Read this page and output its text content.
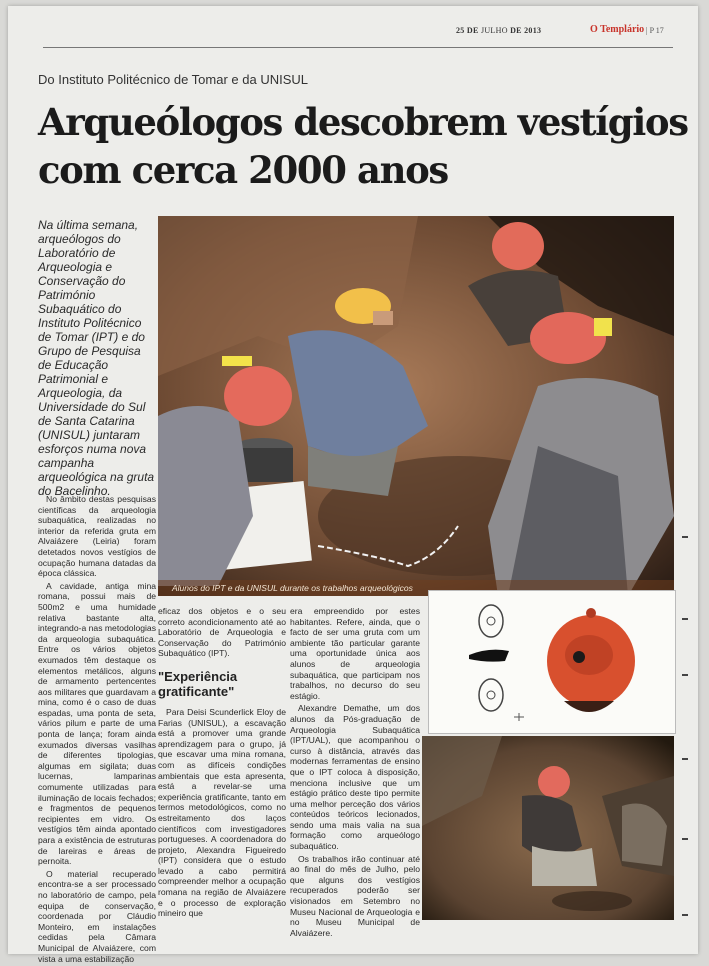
25 DE JULHO DE 2013	O Templário | P 17
Do Instituto Politécnico de Tomar e da UNISUL
Arqueólogos descobrem vestígios
com cerca 2000 anos
Na última semana, arqueólogos do Laboratório de Arqueologia e Conservação do Património Subaquático do Instituto Politécnico de Tomar (IPT) e do Grupo de Pesquisa de Educação Patrimonial e Arqueologia, da Universidade do Sul de Santa Catarina (UNISUL) juntaram esforços numa nova campanha arqueológica na gruta do Bacelinho.

No âmbito destas pesquisas científicas da arqueologia subaquática, realizadas no interior da referida gruta em Alvaiázere (Leiria) foram detetados novos vestígios de ocupação humana datadas da época clássica.

A cavidade, antiga mina romana, possui mais de 500m2 e uma humidade relativa bastante alta, integrando-a nas metodologias da arqueologia subaquática. Entre os vários objetos exumados têm destaque os elementos metálicos, alguns de armamento pertencentes aos militares que guardavam a mina, como é o caso de duas espadas, uma ponta de seta, vários pilum e parte de uma ponta de lança; foram ainda exumados diversas vasilhas de diferentes tipologias, algumas em sigilata; duas lucernas, lamparinas comumente utilizadas para iluminação de locais fechados; e fragmentos de pequenos recipientes em vidro. Os vestígios têm ainda apontado para a existência de estruturas de lareiras e áreas de pernoita.

O material recuperado encontra-se a ser processado no laboratório de campo, pela equipa de conservação, coordenada por Cláudio Monteiro, em instalações cedidas pela Câmara Municipal de Alvaiázere, com vista a uma estabilização

eficaz dos objetos e o seu correto acondicionamento até ao Laboratório de Arqueologia e Conservação do Património Subaquático (IPT).

"Experiência gratificante"

Para Deisi Scunderlick Eloy de Farias (UNISUL), a escavação está a promover uma grande aprendizagem para o grupo, já que escavar uma mina romana, com as difíceis condições ambientais que esta apresenta, está a revelar-se uma experiência gratificante, tanto em termos metodológicos, como no estreitamento dos laços científicos com investigadores portugueses. A coordenadora do projeto, Alexandra Figueiredo (IPT) considera que o estudo levado a cabo permitirá compreender melhor a ocupação romana na região de Alvaiázere e o processo de exploração mineiro que

era empreendido por estes habitantes. Refere, ainda, que o facto de ser uma gruta com um ambiente tão particular garante uma oportunidade única aos alunos de arqueologia subaquática, que participam nos trabalhos, no decurso do seu estágio.

Alexandre Demathe, um dos alunos da Pós-graduação de Arqueologia Subaquática (IPT/UAL), que acompanhou o curso à distância, através das modernas ferramentas de ensino que o IPT coloca à disposição, menciona inclusive que um estágio prático deste tipo permite uma melhor perceção dos vários conteúdos teóricos lecionados, sendo uma mais valia na sua formação como arqueólogo subaquático.

Os trabalhos irão continuar até ao final do mês de Julho, pelo que alguns dos vestígios recuperados poderão ser visionados em Setembro no Museu Nacional de Arqueologia e no Museu Municipal de Alvaiázere.

Alunos do IPT e da UNISUL durante os trabalhos arqueológicos
